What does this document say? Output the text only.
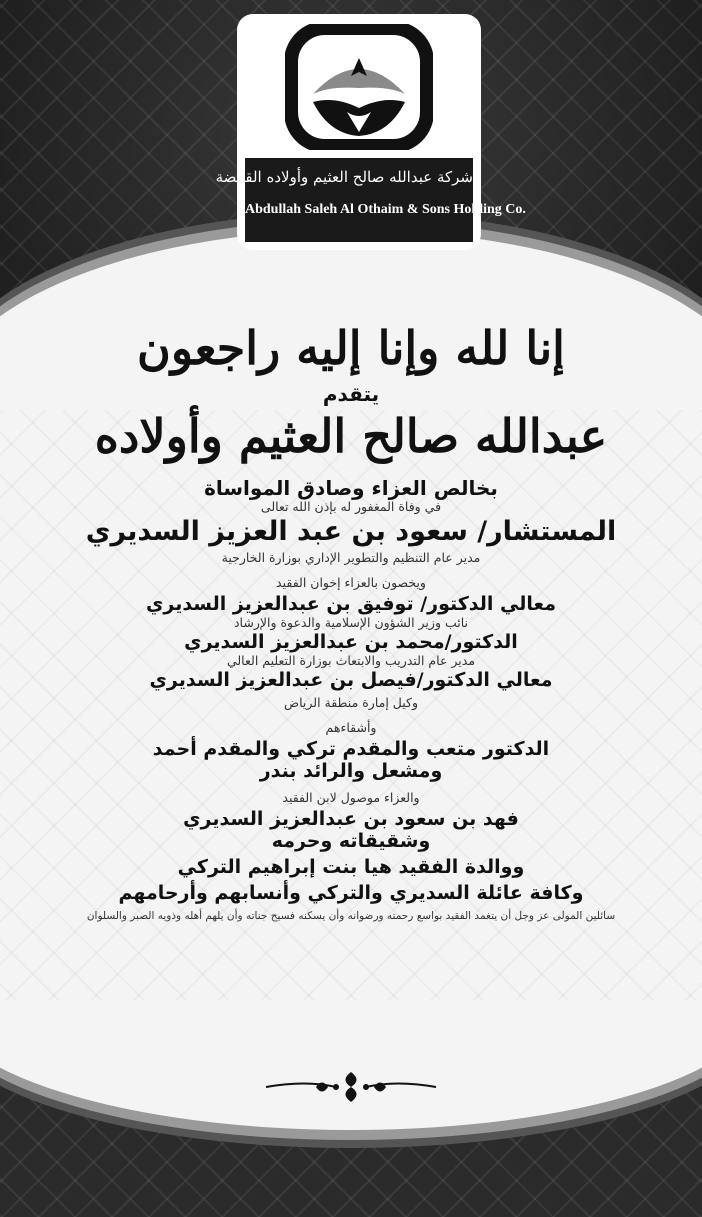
شركة عبدالله صالح العثيم وأولاده القابضة
Abdullah Saleh Al Othaim & Sons Holding Co.

إنا لله وإنا إليه راجعون

يتقدم

عبدالله صالح العثيم وأولاده

بخالص العزاء وصادق المواساة

في وفاة المغفور له بإذن الله تعالى

المستشار/ سعود بن عبد العزيز السديري

مدير عام التنظيم والتطوير الإداري بوزارة الخارجية

ويخصون بالعزاء إخوان الفقيد

معالي الدكتور/ توفيق بن عبدالعزيز السديري

نائب وزير الشؤون الإسلامية والدعوة والإرشاد

الدكتور/محمد بن عبدالعزيز السديري

مدير عام التدريب والابتعاث بوزارة التعليم العالي

معالي الدكتور/فيصل بن عبدالعزيز السديري

وكيل إمارة منطقة الرياض

وأشقاءهم

الدكتور متعب والمقدم تركي والمقدم أحمد

ومشعل والرائد بندر

والعزاء موصول لابن الفقيد

فهد بن سعود بن عبدالعزيز السديري

وشقيقاته وحرمه

ووالدة الفقيد هيا بنت إبراهيم التركي

وكافة عائلة السديري والتركي وأنسابهم وأرحامهم

سائلين المولى عز وجل أن يتغمد الفقيد بواسع رحمته ورضوانه وأن يسكنه فسيح جناته وأن يلهم أهله وذويه الصبر والسلوان
